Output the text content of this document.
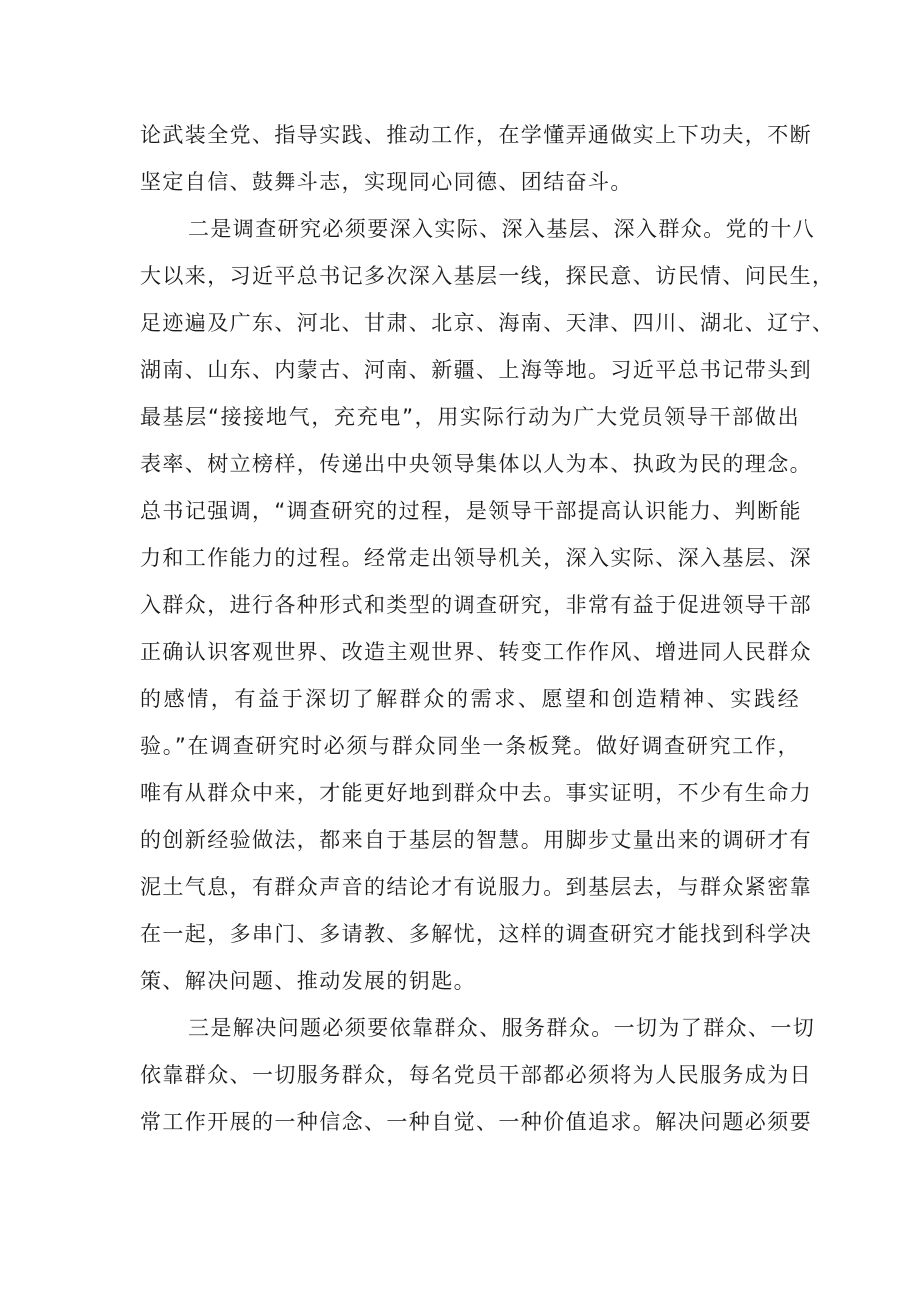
论武装全党、指导实践、推动工作，在学懂弄通做实上下功夫，不断
坚定自信、鼓舞斗志，实现同心同德、团结奋斗。
二是调查研究必须要深入实际、深入基层、深入群众。党的十八
大以来，习近平总书记多次深入基层一线，探民意、访民情、问民生，
足迹遍及广东、河北、甘肃、北京、海南、天津、四川、湖北、辽宁、
湖南、山东、内蒙古、河南、新疆、上海等地。习近平总书记带头到
最基层“接接地气，充充电”，用实际行动为广大党员领导干部做出
表率、树立榜样，传递出中央领导集体以人为本、执政为民的理念。
总书记强调，“调查研究的过程，是领导干部提高认识能力、判断能
力和工作能力的过程。经常走出领导机关，深入实际、深入基层、深
入群众，进行各种形式和类型的调查研究，非常有益于促进领导干部
正确认识客观世界、改造主观世界、转变工作作风、增进同人民群众
的感情，有益于深切了解群众的需求、愿望和创造精神、实践经
验。”在调查研究时必须与群众同坐一条板凳。做好调查研究工作，
唯有从群众中来，才能更好地到群众中去。事实证明，不少有生命力
的创新经验做法，都来自于基层的智慧。用脚步丈量出来的调研才有
泥土气息，有群众声音的结论才有说服力。到基层去，与群众紧密靠
在一起，多串门、多请教、多解忧，这样的调查研究才能找到科学决
策、解决问题、推动发展的钥匙。
三是解决问题必须要依靠群众、服务群众。一切为了群众、一切
依靠群众、一切服务群众，每名党员干部都必须将为人民服务成为日
常工作开展的一种信念、一种自觉、一种价值追求。解决问题必须要
